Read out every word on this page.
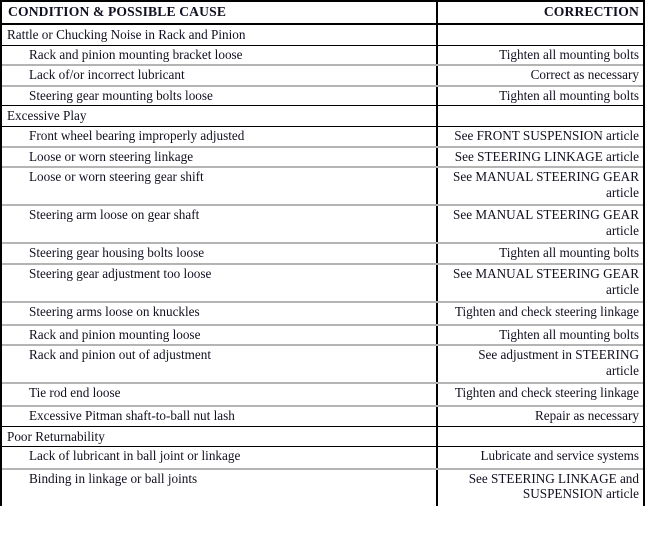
CONDITION & POSSIBLE CAUSE	CORRECTION
Rattle or Chucking Noise in Rack and Pinion	
Rack and pinion mounting bracket loose	Tighten all mounting bolts
Lack of/or incorrect lubricant	Correct as necessary
Steering gear mounting bolts loose	Tighten all mounting bolts
Excessive Play	
Front wheel bearing improperly adjusted	See FRONT SUSPENSION article
Loose or worn steering linkage	See STEERING LINKAGE article
Loose or worn steering gear shift	See MANUAL STEERING GEAR article
Steering arm loose on gear shaft	See MANUAL STEERING GEAR article
Steering gear housing bolts loose	Tighten all mounting bolts
Steering gear adjustment too loose	See MANUAL STEERING GEAR article
Steering arms loose on knuckles	Tighten and check steering linkage
Rack and pinion mounting loose	Tighten all mounting bolts
Rack and pinion out of adjustment	See adjustment in STEERING article
Tie rod end loose	Tighten and check steering linkage
Excessive Pitman shaft-to-ball nut lash	Repair as necessary
Poor Returnability	
Lack of lubricant in ball joint or linkage	Lubricate and service systems
Binding in linkage or ball joints	See STEERING LINKAGE and SUSPENSION article
